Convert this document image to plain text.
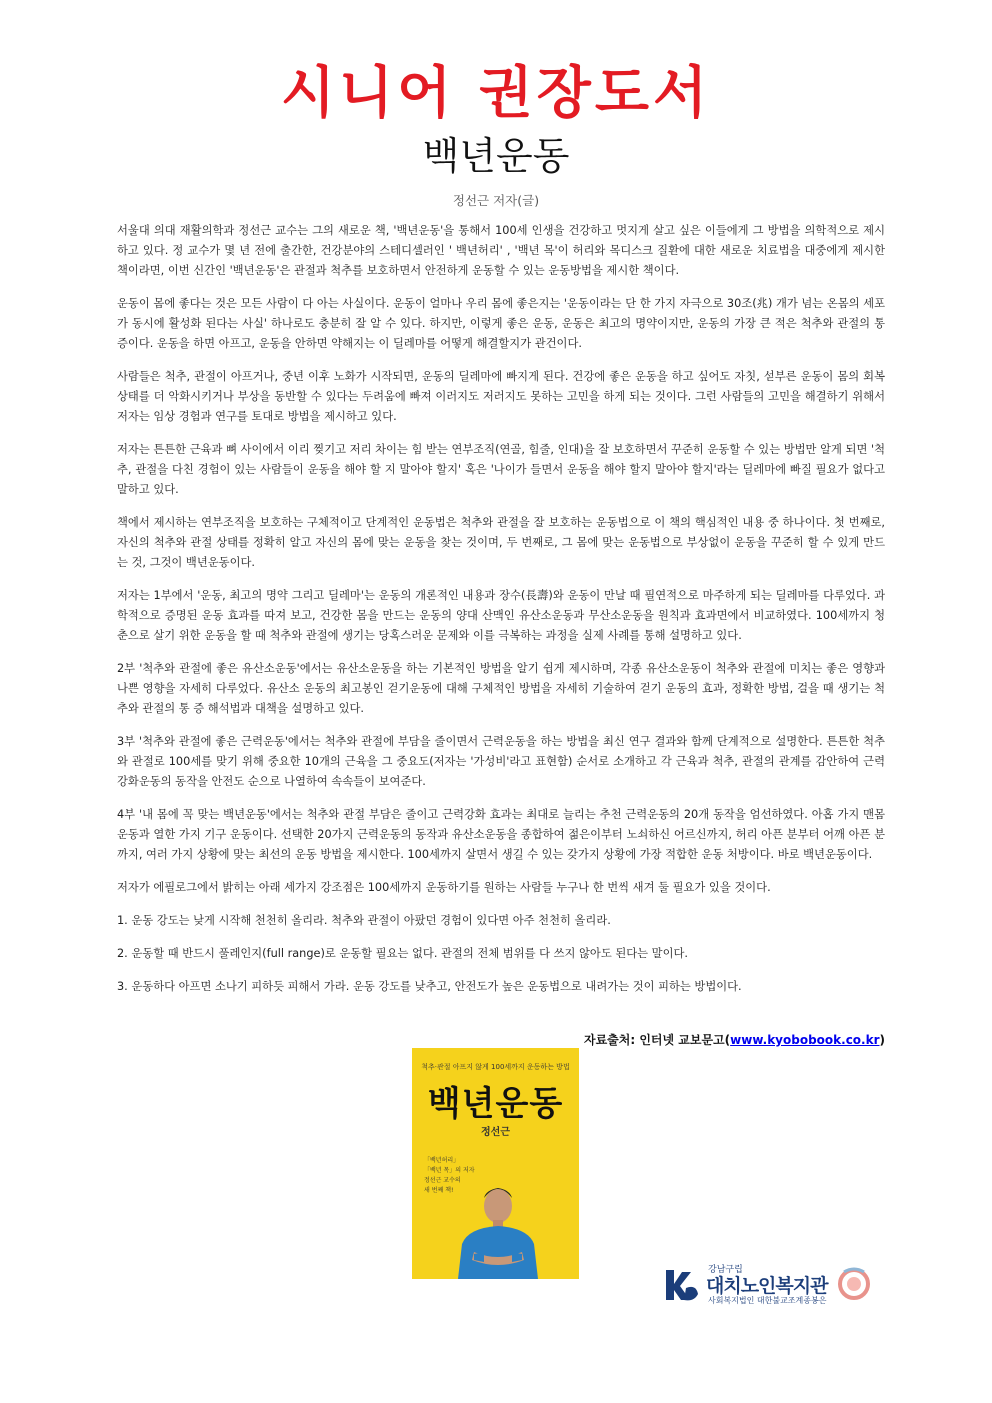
시니어 권장도서
백년운동
정선근 저자(글)

서울대 의대 재활의학과 정선근 교수는 그의 새로운 책, '백년운동'을 통해서 100세 인생을 건강하고 멋지게 살고 싶은 이들에게 그 방법을 의학적으로 제시하고 있다. 정 교수가 몇 년 전에 출간한, 건강분야의 스테디셀러인 ' 백년허리' , '백년 목'이 허리와 목디스크 질환에 대한 새로운 치료법을 대중에게 제시한 책이라면, 이번 신간인 '백년운동'은 관절과 척추를 보호하면서 안전하게 운동할 수 있는 운동방법을 제시한 책이다.

운동이 몸에 좋다는 것은 모든 사람이 다 아는 사실이다. 운동이 얼마나 우리 몸에 좋은지는 '운동이라는 단 한 가지 자극으로 30조(兆) 개가 넘는 온몸의 세포가 동시에 활성화 된다는 사실' 하나로도 충분히 잘 알 수 있다. 하지만, 이렇게 좋은 운동, 운동은 최고의 명약이지만, 운동의 가장 큰 적은 척추와 관절의 통증이다. 운동을 하면 아프고, 운동을 안하면 약해지는 이 딜레마를 어떻게 해결할지가 관건이다.

사람들은 척추, 관절이 아프거나, 중년 이후 노화가 시작되면, 운동의 딜레마에 빠지게 된다. 건강에 좋은 운동을 하고 싶어도 자칫, 섣부른 운동이 몸의 회복 상태를 더 악화시키거나 부상을 동반할 수 있다는 두려움에 빠져 이러지도 저러지도 못하는 고민을 하게 되는 것이다. 그런 사람들의 고민을 해결하기 위해서 저자는 임상 경험과 연구를 토대로 방법을 제시하고 있다.

저자는 튼튼한 근육과 뼈 사이에서 이리 찢기고 저리 차이는 힘 받는 연부조직(연골, 힘줄, 인대)을 잘 보호하면서 꾸준히 운동할 수 있는 방법만 알게 되면 '척추, 관절을 다친 경험이 있는 사람들이 운동을 해야 할 지 말아야 할지' 혹은 '나이가 들면서 운동을 해야 할지 말아야 할지'라는 딜레마에 빠질 필요가 없다고 말하고 있다.

책에서 제시하는 연부조직을 보호하는 구체적이고 단계적인 운동법은 척추와 관절을 잘 보호하는 운동법으로 이 책의 핵심적인 내용 중 하나이다. 첫 번째로, 자신의 척추와 관절 상태를 정확히 알고 자신의 몸에 맞는 운동을 찾는 것이며, 두 번째로, 그 몸에 맞는 운동법으로 부상없이 운동을 꾸준히 할 수 있게 만드는 것, 그것이 백년운동이다.

저자는 1부에서 '운동, 최고의 명약 그리고 딜레마'는 운동의 개론적인 내용과 장수(長壽)와 운동이 만날 때 필연적으로 마주하게 되는 딜레마를 다루었다. 과학적으로 증명된 운동 효과를 따져 보고, 건강한 몸을 만드는 운동의 양대 산맥인 유산소운동과 무산소운동을 원칙과 효과면에서 비교하였다. 100세까지 청춘으로 살기 위한 운동을 할 때 척추와 관절에 생기는 당혹스러운 문제와 이를 극복하는 과정을 실제 사례를 통해 설명하고 있다.

2부 '척추와 관절에 좋은 유산소운동'에서는 유산소운동을 하는 기본적인 방법을 알기 쉽게 제시하며, 각종 유산소운동이 척추와 관절에 미치는 좋은 영향과 나쁜 영향을 자세히 다루었다. 유산소 운동의 최고봉인 걷기운동에 대해 구체적인 방법을 자세히 기술하여 걷기 운동의 효과, 정확한 방법, 걸을 때 생기는 척추와 관절의 통 증 해석법과 대책을 설명하고 있다.

3부 '척추와 관절에 좋은 근력운동'에서는 척추와 관절에 부담을 줄이면서 근력운동을 하는 방법을 최신 연구 결과와 함께 단계적으로 설명한다. 튼튼한 척추와 관절로 100세를 맞기 위해 중요한 10개의 근육을 그 중요도(저자는 '가성비'라고 표현함) 순서로 소개하고 각 근육과 척추, 관절의 관계를 감안하여 근력강화운동의 동작을 안전도 순으로 나열하여 속속들이 보여준다.

4부 '내 몸에 꼭 맞는 백년운동'에서는 척추와 관절 부담은 줄이고 근력강화 효과는 최대로 늘리는 추천 근력운동의 20개 동작을 엄선하였다. 아홉 가지 맨몸운동과 열한 가지 기구 운동이다. 선택한 20가지 근력운동의 동작과 유산소운동을 종합하여 젊은이부터 노쇠하신 어르신까지, 허리 아픈 분부터 어깨 아픈 분까지, 여러 가지 상황에 맞는 최선의 운동 방법을 제시한다. 100세까지 살면서 생길 수 있는 갖가지 상황에 가장 적합한 운동 처방이다. 바로 백년운동이다.

저자가 에필로그에서 밝히는 아래 세가지 강조점은 100세까지 운동하기를 원하는 사람들 누구나 한 번씩 새겨 둘 필요가 있을 것이다.

1. 운동 강도는 낮게 시작해 천천히 올리라. 척추와 관절이 아팠던 경험이 있다면 아주 천천히 올리라.

2. 운동할 때 반드시 풀레인지(full range)로 운동할 필요는 없다. 관절의 전체 범위를 다 쓰지 않아도 된다는 말이다.

3. 운동하다 아프면 소나기 피하듯 피해서 가라. 운동 강도를 낮추고, 안전도가 높은 운동법으로 내려가는 것이 피하는 방법이다.

자료출처: 인터넷 교보문고(www.kyobobook.co.kr)
척추·관절 아프지 않게 100세까지 운동하는 방법
백년운동
정선근
「백년허리」
「백년 목」의 저자
정선근 교수의
새 번째 책!
강남구립
대치노인복지관
사회복지법인 대한불교조계종봉은
